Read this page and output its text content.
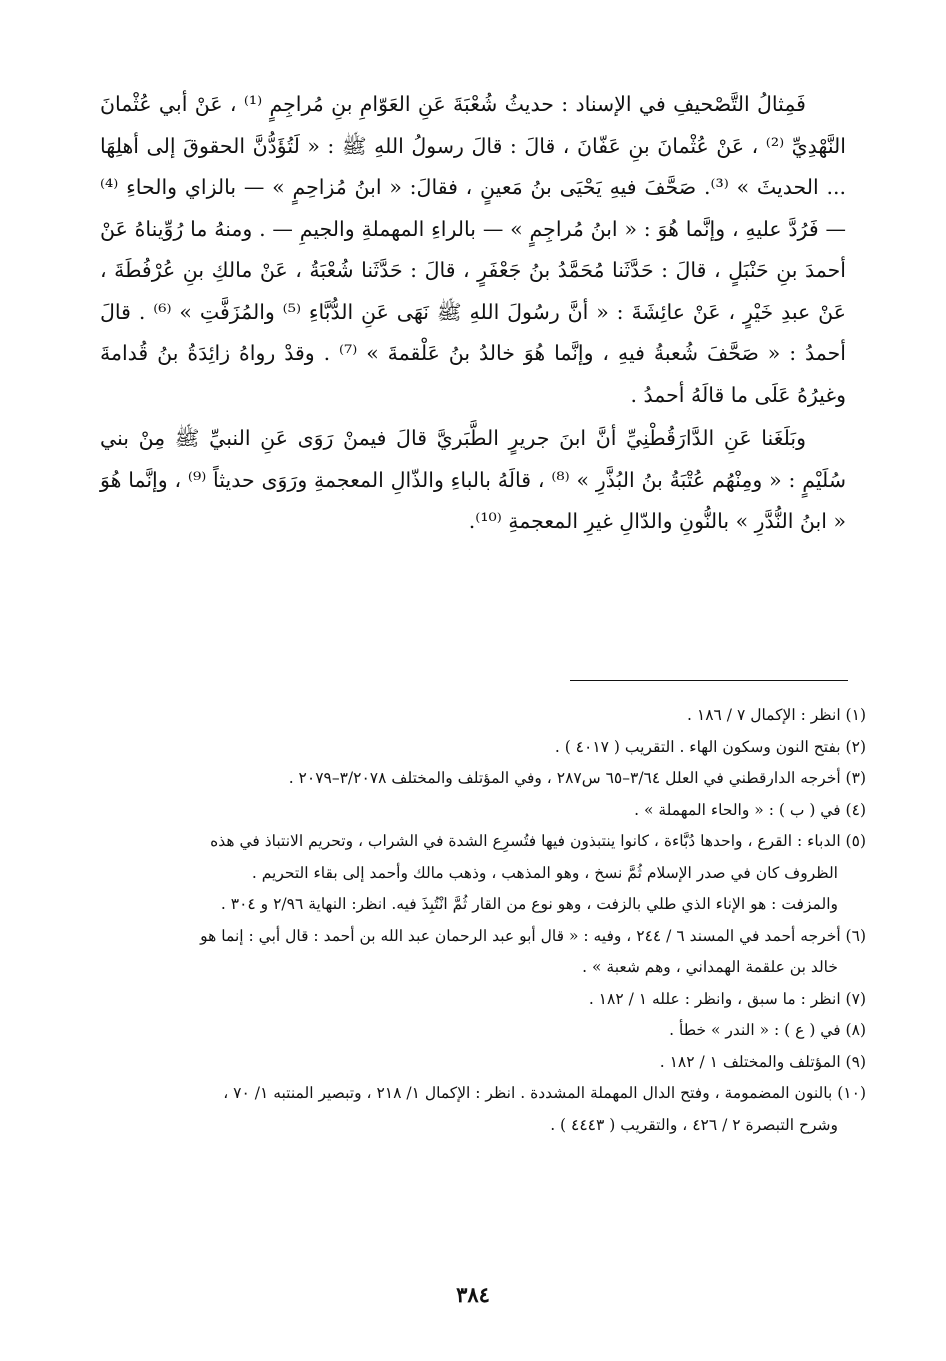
فَمِثالُ التَّصْحيفِ في الإسناد : حديثُ شُعْبَةَ عَنِ العَوّامِ بنِ مُراجِمٍ ⁽¹⁾ ، عَنْ أبي عُثْمانَ النَّهْدِيِّ ⁽²⁾ ، عَنْ عُثْمانَ بنِ عَفّانَ ، قالَ : قالَ رسولُ اللهِ ﷺ : « لَتُؤَدُّنَّ الحقوقَ إلى أهلِهَا ... الحديثَ » ⁽³⁾. صَحَّفَ فيهِ يَحْيَى بنُ مَعينٍ ، فقالَ: « ابنُ مُزاحِمٍ » — بالزاي والحاءِ ⁽⁴⁾ — فَرُدَّ عليهِ ، وإنَّما هُوَ : « ابنُ مُراجِمٍ » — بالراءِ المهملةِ والجيمِ — . ومنهُ ما رُوِّيناهُ عَنْ أحمدَ بنِ حَنْبَلٍ ، قالَ : حَدَّثَنا مُحَمَّدُ بنُ جَعْفَرٍ ، قالَ : حَدَّثَنا شُعْبَةُ ، عَنْ مالكِ بنِ عُرْفُطَةَ ، عَنْ عبدِ خَيْرٍ ، عَنْ عائِشَةَ : « أنَّ رسُولَ اللهِ ﷺ نَهَى عَنِ الدُّبَّاءِ ⁽⁵⁾ والمُزَفَّتِ » ⁽⁶⁾ . قالَ أحمدُ : « صَحَّفَ شُعبةُ فيهِ ، وإنَّما هُوَ خالدُ بنُ عَلْقمةَ » ⁽⁷⁾ . وقدْ رواهُ زائِدَةُ بنُ قُدامةَ وغيرُهُ عَلَى ما قالَهُ أحمدُ .

وبَلَغَنا عَنِ الدَّارَقُطْنِيِّ أنَّ ابنَ جريرٍ الطَّبَريَّ قالَ فيمنْ رَوَى عَنِ النبيِّ ﷺ مِنْ بني سُلَيْمٍ : « ومِنْهُم عُتْبَةُ بنُ البُذَّرِ » ⁽⁸⁾ ، قالَهُ بالباءِ والذّالِ المعجمةِ ورَوَى حديثاً ⁽⁹⁾ ، وإنَّما هُوَ « ابنُ النُّدَّرِ » بالنُّونِ والدّالِ غيرِ المعجمةِ ⁽¹⁰⁾.

(١) انظر : الإكمال ٧ / ١٨٦ .
(٢) بفتح النون وسكون الهاء . التقريب ( ٤٠١٧ ) .
(٣) أخرجه الدارقطني في العلل ٣/٦٤–٦٥ س٢٨٧ ، وفي المؤتلف والمختلف ٣/٢٠٧٨–٢٠٧٩ .
(٤) في ( ب ) : « والحاء المهملة » .
(٥) الدباء : القرع ، واحدها دُبَّاءة ، كانوا ينتبذون فيها فتُسرِع الشدة في الشراب ، وتحريم الانتباذ في هذه
الظروف كان في صدر الإسلام ثُمَّ نسخ ، وهو المذهب ، وذهب مالك وأحمد إلى بقاء التحريم .
والمزفت : هو الإناء الذي طلي بالزفت ، وهو نوع من القار ثُمَّ انْتُبِذَ فيه. انظر: النهاية ٢/٩٦ و ٣٠٤ .
(٦) أخرجه أحمد في المسند ٦ / ٢٤٤ ، وفيه : « قال أبو عبد الرحمان عبد الله بن أحمد : قال أبي : إنما هو
خالد بن علقمة الهمداني ، وهم شعبة » .
(٧) انظر : ما سبق ، وانظر : علله ١ / ١٨٢ .
(٨) في ( ع ) : « الندر » خطأ .
(٩) المؤتلف والمختلف ١ / ١٨٢ .
(١٠) بالنون المضمومة ، وفتح الدال المهملة المشددة . انظر : الإكمال ١/ ٢١٨ ، وتبصير المنتبه ١/ ٧٠ ،
وشرح التبصرة ٢ / ٤٢٦ ، والتقريب ( ٤٤٤٣ ) .
٣٨٤
